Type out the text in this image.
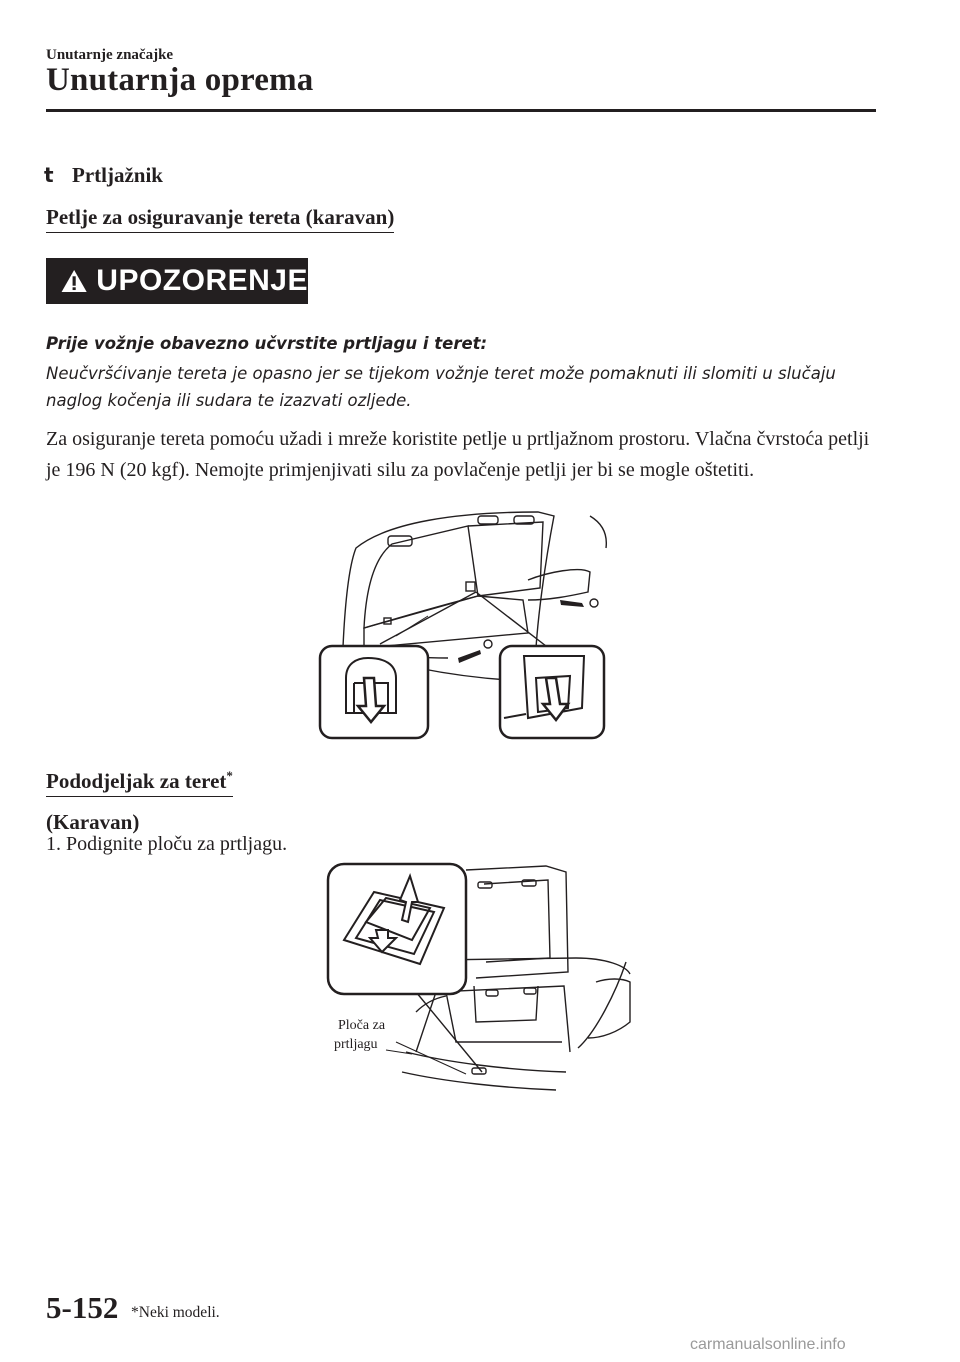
Unutarnje značajke
Unutarnja oprema
t Prtljažnik
Petlje za osiguravanje tereta (karavan)
UPOZORENJE
Prije vožnje obavezno učvrstite prtljagu i teret:
Neučvršćivanje tereta je opasno jer se tijekom vožnje teret može pomaknuti ili slomiti u slučaju naglog kočenja ili sudara te izazvati ozljede.
Za osiguranje tereta pomoću užadi i mreže koristite petlje u prtljažnom prostoru. Vlačna čvrstoća petlji je 196 N (20 kgf). Nemojte primjenjivati silu za povlačenje petlji jer bi se mogle oštetiti.
Pododjeljak za teret*
(Karavan)
1. Podignite ploču za prtljagu.
Ploča za
prtljagu
5-152 *Neki modeli.
carmanualsonline.info
